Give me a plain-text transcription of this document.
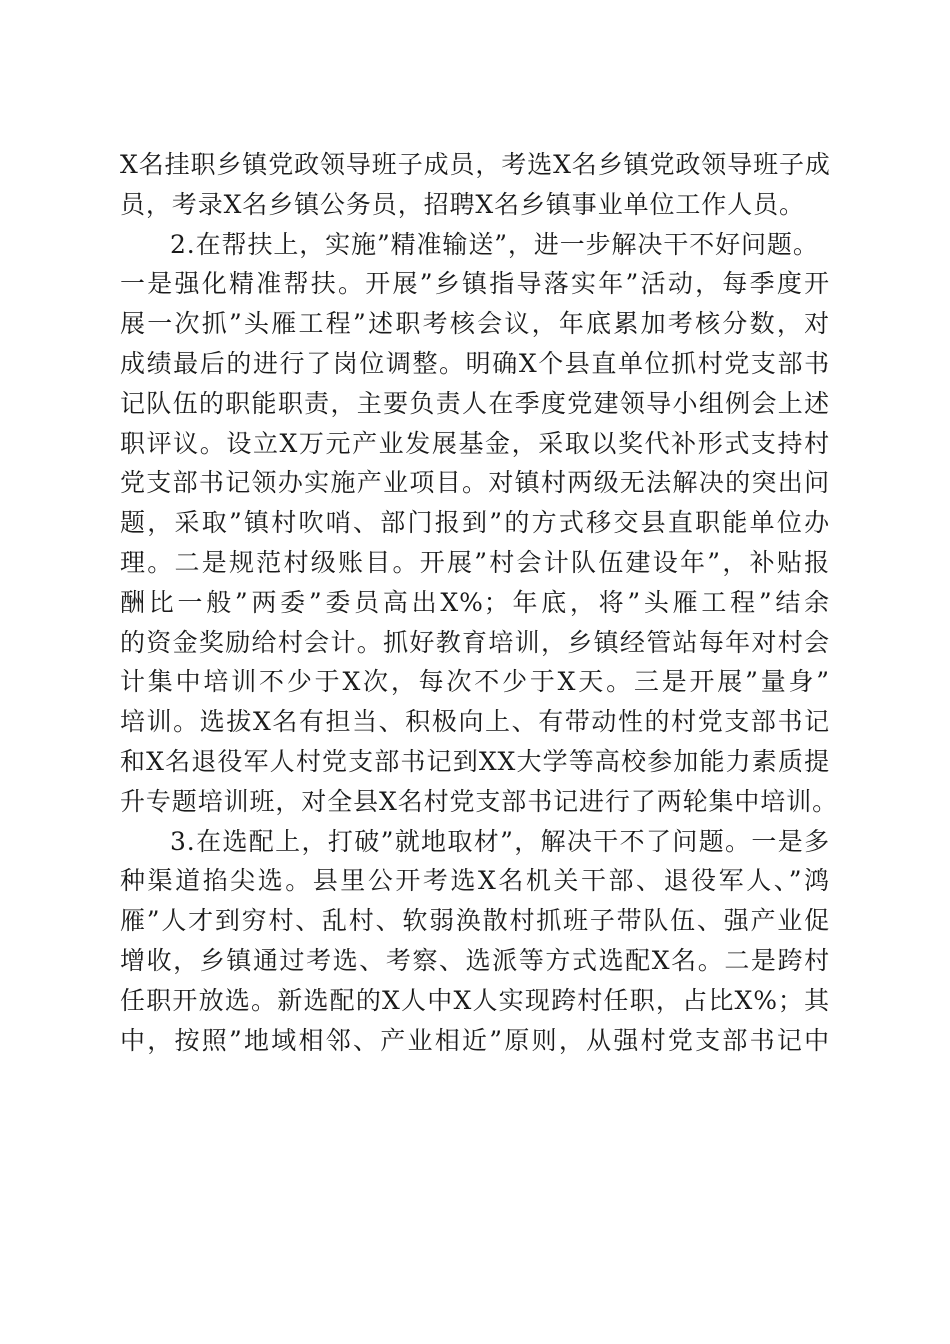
X名挂职乡镇党政领导班子成员，考选X名乡镇党政领导班子成
员，考录X名乡镇公务员，招聘X名乡镇事业单位工作人员。
2.在帮扶上，实施”精准输送”，进一步解决干不好问题。
一是强化精准帮扶。开展”乡镇指导落实年”活动，每季度开
展一次抓”头雁工程”述职考核会议，年底累加考核分数，对
成绩最后的进行了岗位调整。明确X个县直单位抓村党支部书
记队伍的职能职责，主要负责人在季度党建领导小组例会上述
职评议。设立X万元产业发展基金，采取以奖代补形式支持村
党支部书记领办实施产业项目。对镇村两级无法解决的突出问
题，采取”镇村吹哨、部门报到”的方式移交县直职能单位办
理。二是规范村级账目。开展”村会计队伍建设年”，补贴报
酬比一般”两委”委员高出X%；年底，将”头雁工程”结余
的资金奖励给村会计。抓好教育培训，乡镇经管站每年对村会
计集中培训不少于X次，每次不少于X天。三是开展”量身”
培训。选拔X名有担当、积极向上、有带动性的村党支部书记
和X名退役军人村党支部书记到XX大学等高校参加能力素质提
升专题培训班，对全县X名村党支部书记进行了两轮集中培训。
3.在选配上，打破”就地取材”，解决干不了问题。一是多
种渠道掐尖选。县里公开考选X名机关干部、退役军人、”鸿
雁”人才到穷村、乱村、软弱涣散村抓班子带队伍、强产业促
增收，乡镇通过考选、考察、选派等方式选配X名。二是跨村
任职开放选。新选配的X人中X人实现跨村任职，占比X%；其
中，按照”地域相邻、产业相近”原则，从强村党支部书记中
